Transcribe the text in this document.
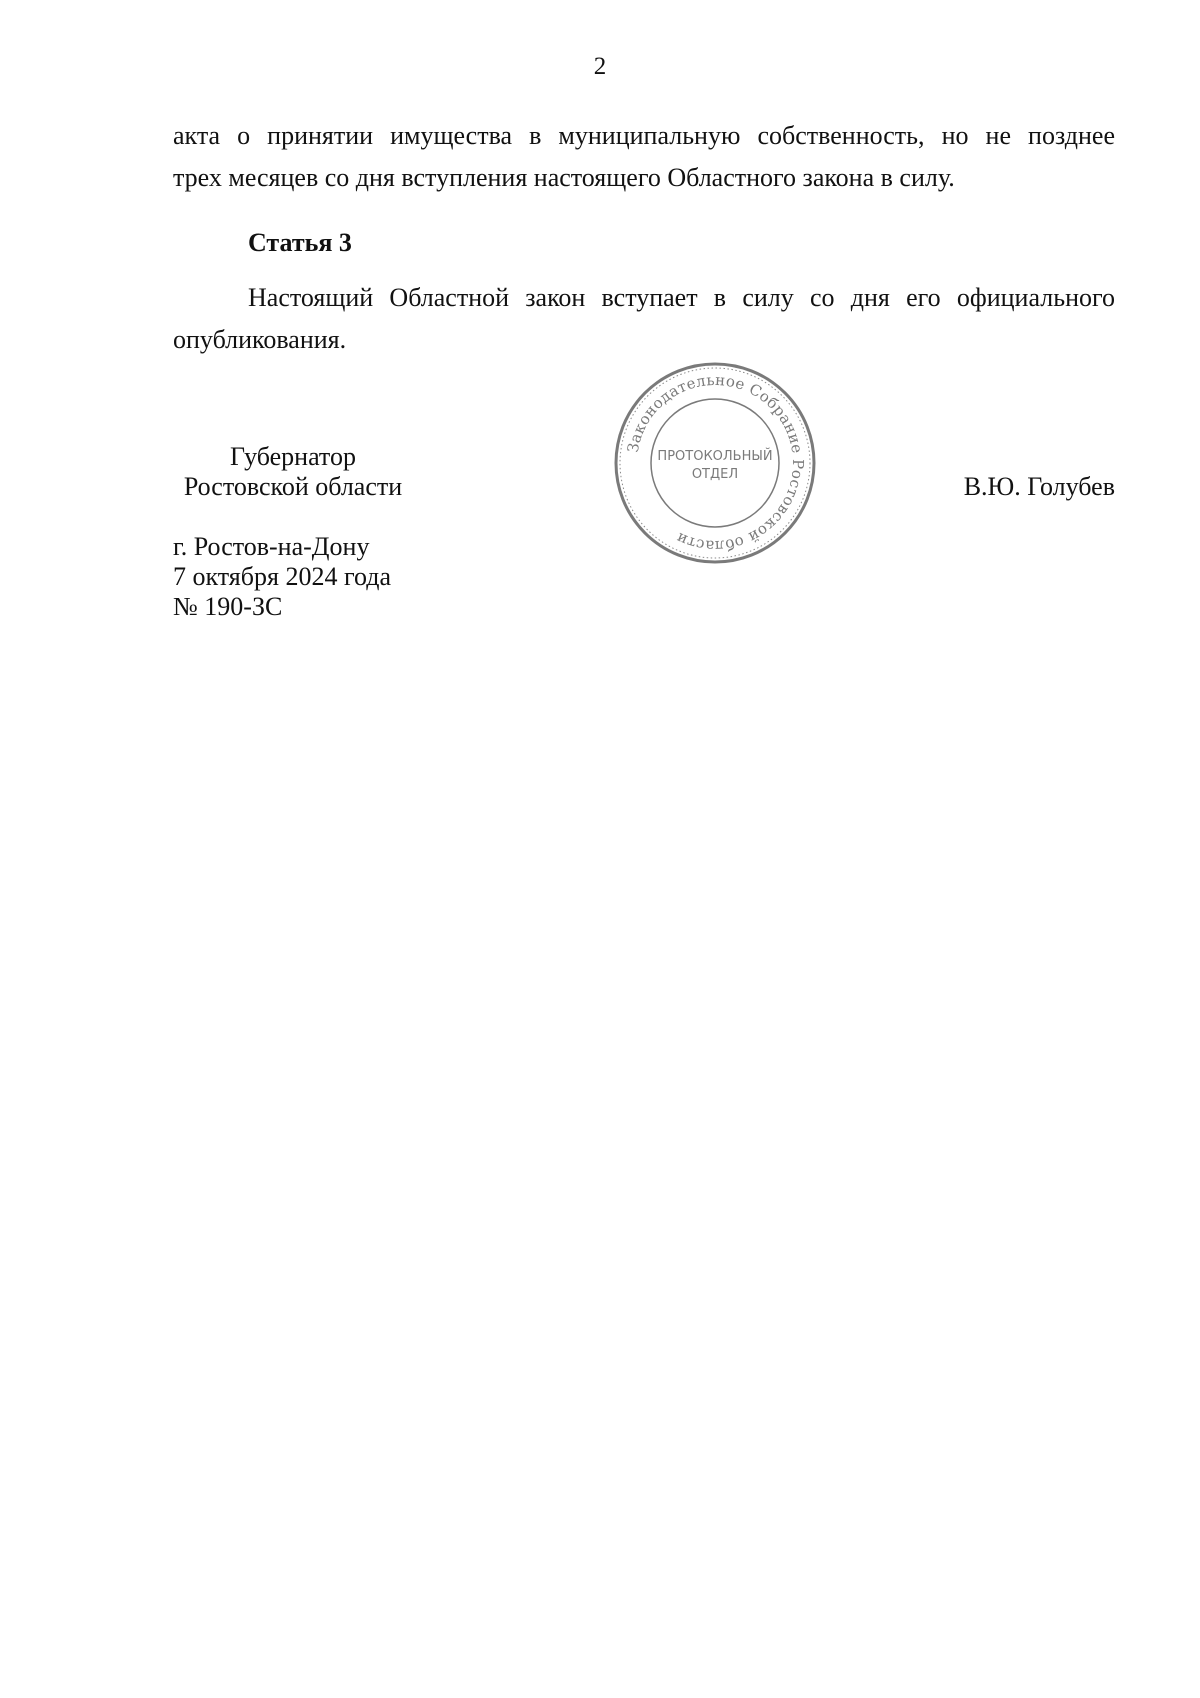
2
акта о принятии имущества в муниципальную собственность, но не позднее
трех месяцев со дня вступления настоящего Областного закона в силу.
Статья 3
Настоящий Областной закон вступает в силу со дня его официального
опубликования.
Законодательное Собрание Ростовской области
ПРОТОКОЛЬНЫЙ
ОТДЕЛ
Губернатор
Ростовской области	В.Ю. Голубев
г. Ростов-на-Дону
7 октября 2024 года
№ 190-ЗС
